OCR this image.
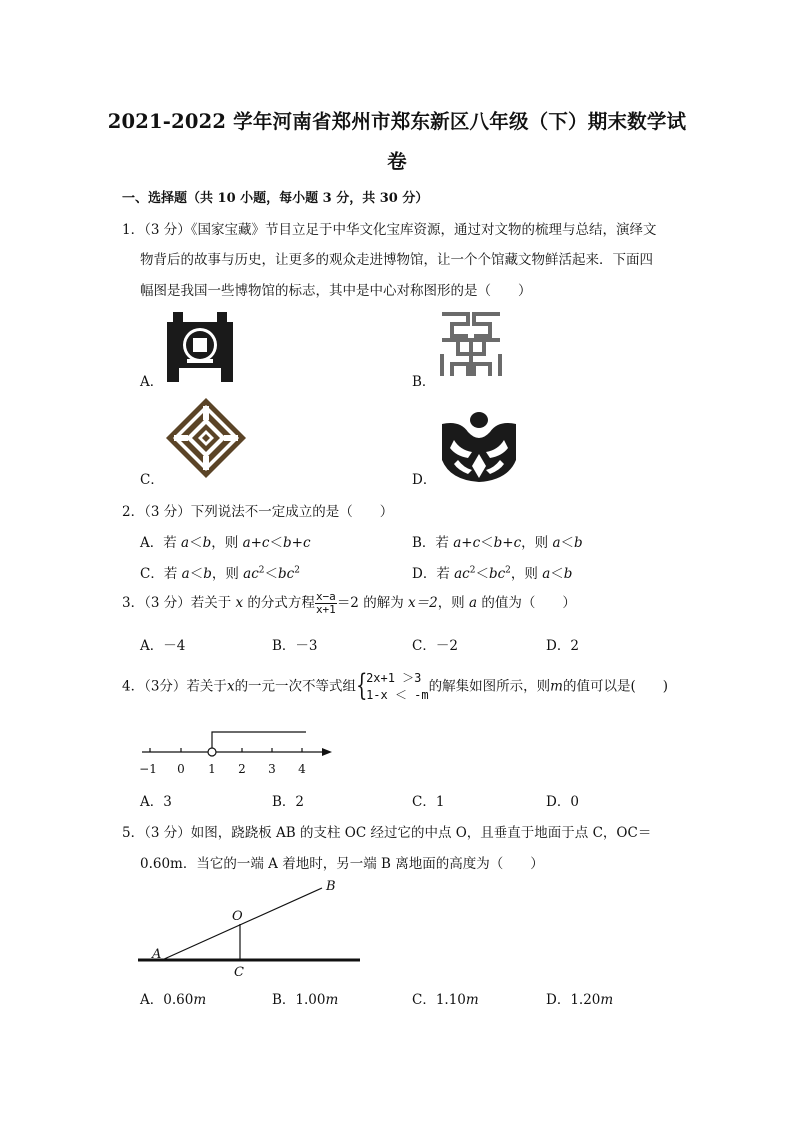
2021-2022 学年河南省郑州市郑东新区八年级（下）期末数学试
卷
一、选择题（共 10 小题，每小题 3 分，共 30 分）
1．（3 分）《国家宝藏》节目立足于中华文化宝库资源，通过对文物的梳理与总结，演绎文
物背后的故事与历史，让更多的观众走进博物馆，让一个个馆藏文物鲜活起来．下面四
幅图是我国一些博物馆的标志，其中是中心对称图形的是（　　）
A．	B．
C．	D．
2．（3 分）下列说法不一定成立的是（　　）
A．若 a＜b，则 a+c＜b+c	B．若 a+c＜b+c，则 a＜b
C．若 a＜b，则 $ac^2<bc^2$	D．若 $ac^2<bc^2$，则 a＜b
3．（3 分）若关于 x 的分式方程 $\frac{x-a}{x+1} =2$ 的解为 x＝2，则 a 的值为（　　）
A．－4	B．－3	C．－2	D．2
4．（3分）若关于x的一元一次不等式组 {
2x+1 ＞3
1-x ＜ -m
的解集如图所示，则m的值可以是(　　)
−1 0 1 2 3 4
A．3	B．2	C．1	D．0
5．（3 分）如图，跷跷板 AB 的支柱 OC 经过它的中点 O，且垂直于地面于点 C，OC＝
0.60m．当它的一端 A 着地时，另一端 B 离地面的高度为（　　）
A
O
B
C
A．0.60m	B．1.00m	C．1.10m	D．1.20m
